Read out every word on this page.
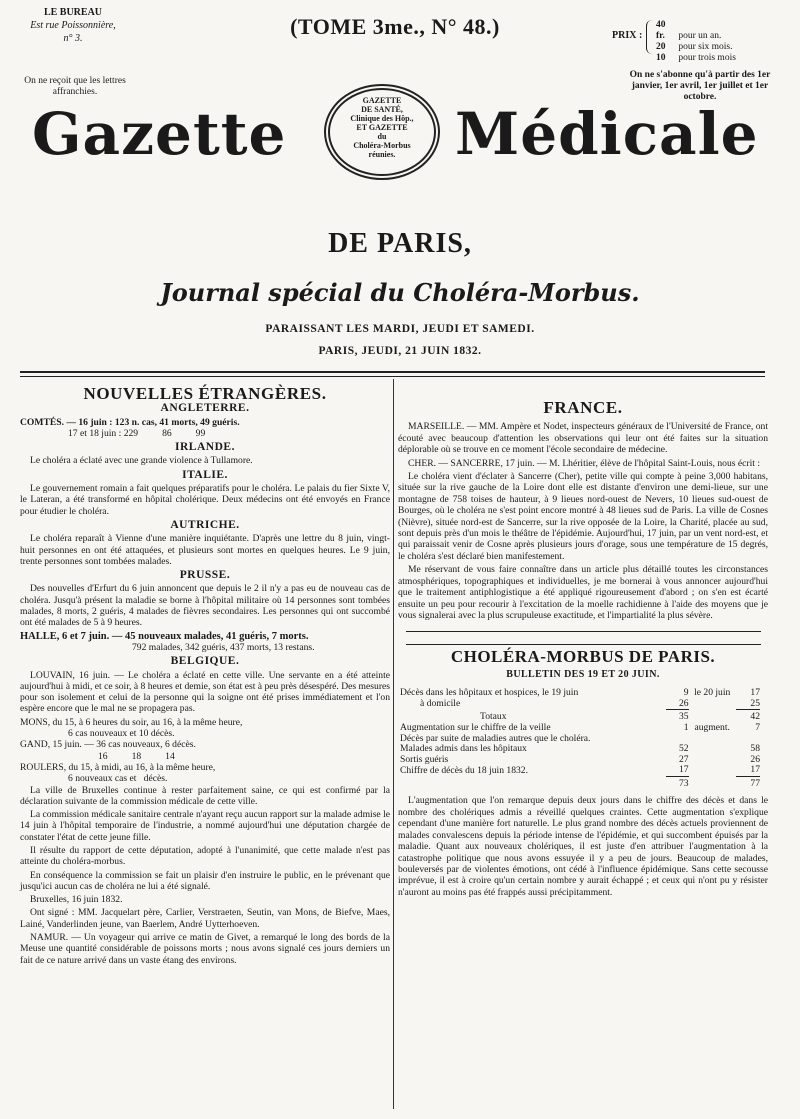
LE BUREAU
Est rue Poissonnière,
n° 3.
On ne reçoit que les lettres affranchies.
(TOME 3me., N° 48.)	PRIX :
40 fr. pour un an.
20 pour six mois.
10 pour trois mois
On ne s'abonne qu'à partir des 1er janvier, 1er avril, 1er juillet et 1er octobre.
Gazette	GAZETTE
DE SANTÉ,
Clinique des Hôp.,
ET GAZETTE
du
Choléra-Morbus
réunies.	Médicale
DE PARIS,
Journal spécial du Choléra-Morbus.
PARAISSANT LES MARDI, JEUDI ET SAMEDI.
PARIS, JEUDI, 21 JUIN 1832.
NOUVELLES ÉTRANGÈRES.
ANGLETERRE.
COMTÉS. — 16 juin : 123 n. cas, 41 morts, 49 guéris.
17 et 18 juin : 229          86          99
IRLANDE.

Le choléra a éclaté avec une grande violence à Tullamore.

ITALIE.

Le gouvernement romain a fait quelques préparatifs pour le choléra. Le palais du fier Sixte V, le Lateran, a été transformé en hôpital cholérique. Deux médecins ont été envoyés en France pour étudier le choléra.

AUTRICHE.

Le choléra reparaît à Vienne d'une manière inquiétante. D'après une lettre du 8 juin, vingt-huit personnes en ont été attaquées, et plusieurs sont mortes en quelques heures. Le 9 juin, trente personnes sont tombées malades.

PRUSSE.

Des nouvelles d'Erfurt du 6 juin annoncent que depuis le 2 il n'y a pas eu de nouveau cas de choléra. Jusqu'à présent la maladie se borne à l'hôpital militaire où 14 personnes sont tombées malades, 8 morts, 2 guéris, 4 malades de fièvres secondaires. Les personnes qui ont succombé ont été malades de 5 à 9 heures.

HALLE, 6 et 7 juin. — 45 nouveaux malades, 41 guéris, 7 morts.
792 malades, 342 guéris, 437 morts, 13 restans.
BELGIQUE.

LOUVAIN, 16 juin. — Le choléra a éclaté en cette ville. Une servante en a été atteinte aujourd'hui à midi, et ce soir, à 8 heures et demie, son état est à peu près désespéré. Des mesures pour son isolement et celui de la personne qui la soigne ont été prises immédiatement et l'on espère encore que le mal ne se propagera pas.

MONS, du 15, à 6 heures du soir, au 16, à la même heure,
6 cas nouveaux et 10 décès.
GAND, 15 juin. — 36 cas nouveaux, 6 décès.
16          18          14
ROULERS, du 15, à midi, au 16, à la même heure,
6 nouveaux cas et   décès.

La ville de Bruxelles continue à rester parfaitement saine, ce qui est confirmé par la déclaration suivante de la commission médicale de cette ville.

La commission médicale sanitaire centrale n'ayant reçu aucun rapport sur la malade admise le 14 juin à l'hôpital temporaire de l'industrie, a nommé aujourd'hui une députation chargée de constater l'état de cette jeune fille.

Il résulte du rapport de cette députation, adopté à l'unanimité, que cette malade n'est pas atteinte du choléra-morbus.

En conséquence la commission se fait un plaisir d'en instruire le public, en le prévenant que jusqu'ici aucun cas de choléra ne lui a été signalé.

Bruxelles, 16 juin 1832.

Ont signé : MM. Jacquelart père, Carlier, Verstraeten, Seutin, van Mons, de Biefve, Maes, Lainé, Vanderlinden jeune, van Baerlem, André Uytterhoeven.

NAMUR. — Un voyageur qui arrive ce matin de Givet, a remarqué le long des bords de la Meuse une quantité considérable de poissons morts ; nous avons signalé ces jours derniers un fait de ce nature arrivé dans un vaste étang des environs.

FRANCE.

MARSEILLE. — MM. Ampère et Nodet, inspecteurs généraux de l'Université de France, ont écouté avec beaucoup d'attention les observations qui leur ont été faites sur la situation déplorable où se trouve en ce moment l'école secondaire de médecine.

CHER. — SANCERRE, 17 juin. — M. Lhéritier, élève de l'hôpital Saint-Louis, nous écrit :

Le choléra vient d'éclater à Sancerre (Cher), petite ville qui compte à peine 3,000 habitans, située sur la rive gauche de la Loire dont elle est distante d'environ une demi-lieue, sur une montagne de 758 toises de hauteur, à 9 lieues nord-ouest de Nevers, 10 lieues sud-ouest de Bourges, où le choléra ne s'est point encore montré à 48 lieues sud de Paris. La ville de Cosnes (Nièvre), située nord-est de Sancerre, sur la rive opposée de la Loire, la Charité, placée au sud, sont depuis près d'un mois le théâtre de l'épidémie. Aujourd'hui, 17 juin, par un vent nord-est, et qui paraissait venir de Cosne après plusieurs jours d'orage, sous une température de 15 degrés, le choléra s'est déclaré bien manifestement.

Me réservant de vous faire connaître dans un article plus détaillé toutes les circonstances atmosphériques, topographiques et individuelles, je me bornerai à vous annoncer aujourd'hui que le traitement antiphlogistique a été appliqué rigoureusement d'abord ; on s'en est écarté ensuite un peu pour recourir à l'excitation de la moelle rachidienne à l'aide des moyens que je vous signalerai avec la plus scrupuleuse exactitude, et l'impartialité la plus sévère.

CHOLÉRA-MORBUS DE PARIS.
BULLETIN DES 19 ET 20 JUIN.
Décès dans les hôpitaux et hospices, le 19 juin	9	le 20 juin	17
à domicile	26		25
Totaux	35		42
Augmentation sur le chiffre de la veille	1	augment.	7
Décès par suite de maladies autres que le choléra.			
Malades admis dans les hôpitaux	52		58
Sortis guéris	27		26
Chiffre de décès du 18 juin 1832.	17		17
	73		77

L'augmentation que l'on remarque depuis deux jours dans le chiffre des décès et dans le nombre des cholériques admis a réveillé quelques craintes. Cette augmentation s'explique cependant d'une manière fort naturelle. Le plus grand nombre des décès actuels proviennent de malades convalescens depuis la période intense de l'épidémie, et qui succombent épuisés par la maladie. Quant aux nouveaux cholériques, il est juste d'en attribuer l'augmentation à la catastrophe politique que nous avons essuyée il y a peu de jours. Beaucoup de malades, bouleversés par de violentes émotions, ont cédé à l'influence épidémique. Sans cette secousse imprévue, il est à croire qu'un certain nombre y aurait échappé ; et ceux qui n'ont pu y résister n'auront au moins pas été frappés aussi précipitamment.
